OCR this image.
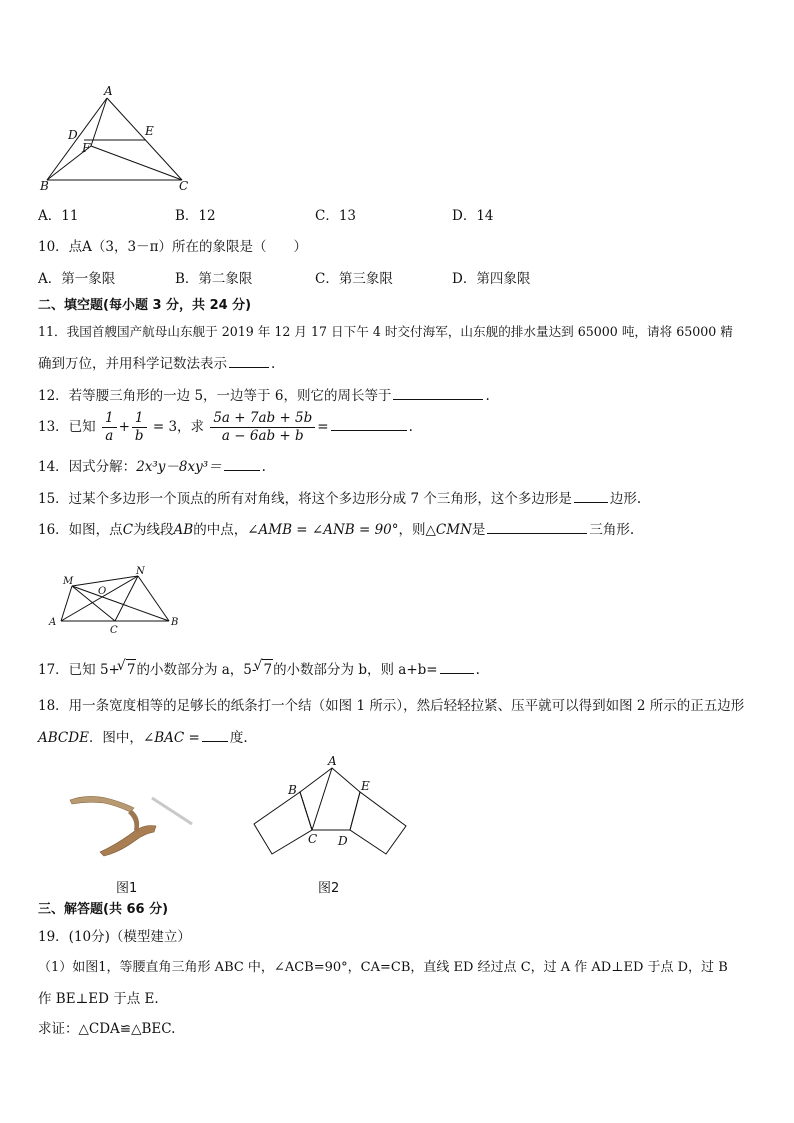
A
D	E
F
B	C
A．11	B．12	C．13	D．14
10．点A（3，3－π）所在的象限是（　　）
A．第一象限	B．第二象限	C．第三象限	D．第四象限
二、填空题(每小题 3 分，共 24 分)
11．我国首艘国产航母山东舰于 2019 年 12 月 17 日下午 4 时交付海军，山东舰的排水量达到 65000 吨，请将 65000 精
确到万位，并用科学记数法表示	.
12．若等腰三角形的一边 5，一边等于 6，则它的周长等于	.
13．已知 $\frac{1}{a} + \frac{1}{b} = 3$，求 $\frac{5a + 7ab + 5b}{a - 6ab + b}$ =	.
14．因式分解：2x³y－8xy³＝	.
15．过某个多边形一个顶点的所有对角线，将这个多边形分成 7 个三角形，这个多边形是	边形.
16．如图，点C为线段AB的中点，∠AMB = ∠ANB = 90°，则△CMN是	三角形.
M
N
O
A
C
B
17．已知 5+ √ 7的小数部分为 a，5- √ 7的小数部分为 b，则 a+b=	.
18．用一条宽度相等的足够长的纸条打一个结（如图 1 所示），然后轻轻拉紧、压平就可以得到如图 2 所示的正五边形
ABCDE．图中，∠BAC = 度.
图1
A
B	E
C D
图2
三、解答题(共 66 分)
19．(10分)（模型建立）
（1）如图1，等腰直角三角形 ABC 中，∠ACB=90°，CA=CB，直线 ED 经过点 C，过 A 作 AD⊥ED 于点 D，过 B
作 BE⊥ED 于点 E.
求证：△CDA≌△BEC.
